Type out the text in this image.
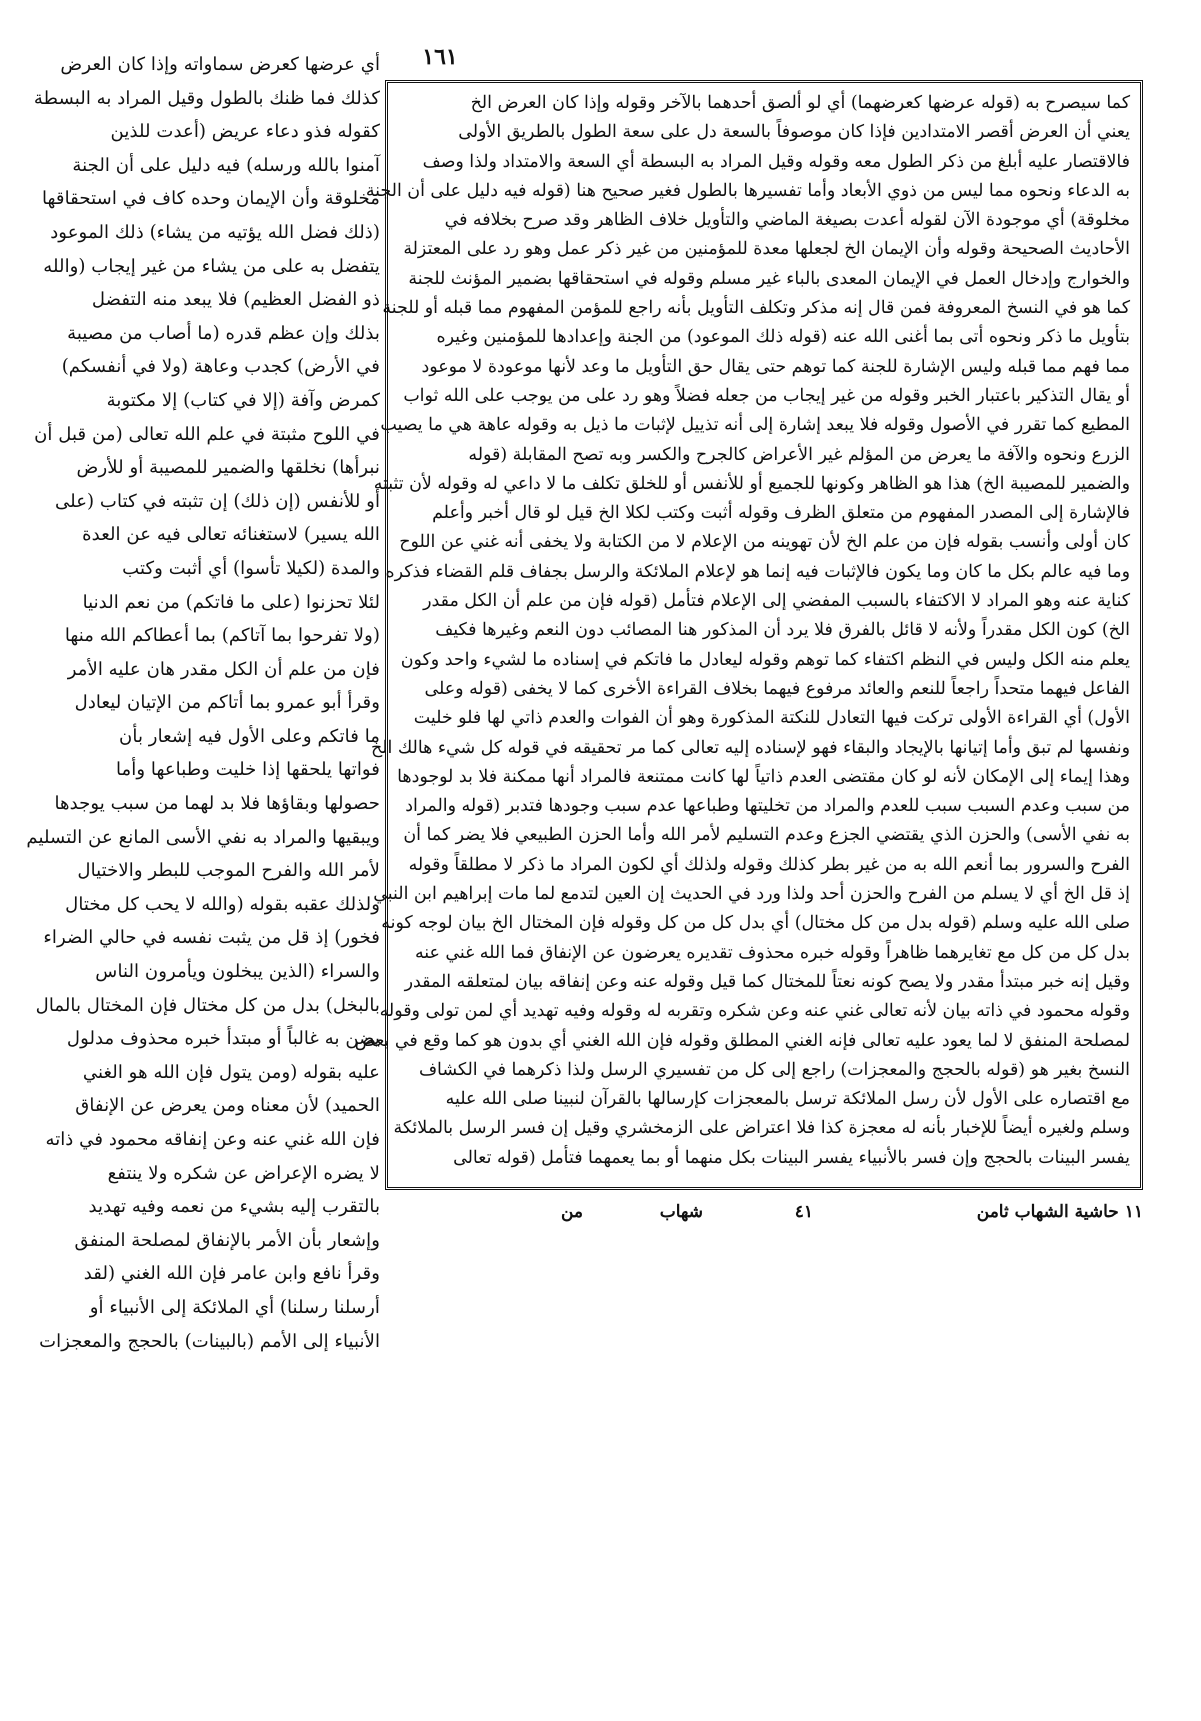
١٦١
أي عرضها كعرض سماواته وإذا كان العرض
كذلك فما ظنك بالطول وقيل المراد به البسطة
كقوله فذو دعاء عريض (أعدت للذين
آمنوا بالله ورسله) فيه دليل على أن الجنة
مخلوقة وأن الإيمان وحده كاف في استحقاقها
(ذلك فضل الله يؤتيه من يشاء) ذلك الموعود
يتفضل به على من يشاء من غير إيجاب (والله
ذو الفضل العظيم) فلا يبعد منه التفضل
بذلك وإن عظم قدره (ما أصاب من مصيبة
في الأرض) كجدب وعاهة (ولا في أنفسكم)
كمرض وآفة (إلا في كتاب) إلا مكتوبة
في اللوح مثبتة في علم الله تعالى (من قبل أن
نبرأها) نخلقها والضمير للمصيبة أو للأرض
أو للأنفس (إن ذلك) إن تثبته في كتاب (على
الله يسير) لاستغنائه تعالى فيه عن العدة
والمدة (لكيلا تأسوا) أي أثبت وكتب
لئلا تحزنوا (على ما فاتكم) من نعم الدنيا
(ولا تفرحوا بما آتاكم) بما أعطاكم الله منها
فإن من علم أن الكل مقدر هان عليه الأمر
وقرأ أبو عمرو بما أتاكم من الإتيان ليعادل
ما فاتكم وعلى الأول فيه إشعار بأن
فواتها يلحقها إذا خليت وطباعها وأما
حصولها وبقاؤها فلا بد لهما من سبب يوجدها
ويبقيها والمراد به نفي الأسى المانع عن التسليم
لأمر الله والفرح الموجب للبطر والاختيال
ولذلك عقبه بقوله (والله لا يحب كل مختال
فخور) إذ قل من يثبت نفسه في حالي الضراء
والسراء (الذين يبخلون ويأمرون الناس
بالبخل) بدل من كل مختال فإن المختال بالمال
يضن به غالباً أو مبتدأ خبره محذوف مدلول
عليه بقوله (ومن يتول فإن الله هو الغني
الحميد) لأن معناه ومن يعرض عن الإنفاق
فإن الله غني عنه وعن إنفاقه محمود في ذاته
لا يضره الإعراض عن شكره ولا ينتفع
بالتقرب إليه بشيء من نعمه وفيه تهديد
وإشعار بأن الأمر بالإنفاق لمصلحة المنفق
وقرأ نافع وابن عامر فإن الله الغني (لقد
أرسلنا رسلنا) أي الملائكة إلى الأنبياء أو
الأنبياء إلى الأمم (بالبينات) بالحجج والمعجزات
كما سيصرح به (قوله عرضها كعرضهما) أي لو ألصق أحدهما بالآخر وقوله وإذا كان العرض الخ
يعني أن العرض أقصر الامتدادين فإذا كان موصوفاً بالسعة دل على سعة الطول بالطريق الأولى
فالاقتصار عليه أبلغ من ذكر الطول معه وقوله وقيل المراد به البسطة أي السعة والامتداد ولذا وصف
به الدعاء ونحوه مما ليس من ذوي الأبعاد وأما تفسيرها بالطول فغير صحيح هنا (قوله فيه دليل على أن الجنة
مخلوقة) أي موجودة الآن لقوله أعدت بصيغة الماضي والتأويل خلاف الظاهر وقد صرح بخلافه في
الأحاديث الصحيحة وقوله وأن الإيمان الخ لجعلها معدة للمؤمنين من غير ذكر عمل وهو رد على المعتزلة
والخوارج وإدخال العمل في الإيمان المعدى بالباء غير مسلم وقوله في استحقاقها بضمير المؤنث للجنة
كما هو في النسخ المعروفة فمن قال إنه مذكر وتكلف التأويل بأنه راجع للمؤمن المفهوم مما قبله أو للجنة
بتأويل ما ذكر ونحوه أتى بما أغنى الله عنه (قوله ذلك الموعود) من الجنة وإعدادها للمؤمنين وغيره
مما فهم مما قبله وليس الإشارة للجنة كما توهم حتى يقال حق التأويل ما وعد لأنها موعودة لا موعود
أو يقال التذكير باعتبار الخبر وقوله من غير إيجاب من جعله فضلاً وهو رد على من يوجب على الله ثواب
المطيع كما تقرر في الأصول وقوله فلا يبعد إشارة إلى أنه تذييل لإثبات ما ذيل به وقوله عاهة هي ما يصيب
الزرع ونحوه والآفة ما يعرض من المؤلم غير الأعراض كالجرح والكسر وبه تصح المقابلة (قوله
والضمير للمصيبة الخ) هذا هو الظاهر وكونها للجميع أو للأنفس أو للخلق تكلف ما لا داعي له وقوله لأن تثبته
فالإشارة إلى المصدر المفهوم من متعلق الظرف وقوله أثبت وكتب لكلا الخ قيل لو قال أخبر وأعلم
كان أولى وأنسب بقوله فإن من علم الخ لأن تهوينه من الإعلام لا من الكتابة ولا يخفى أنه غني عن اللوح
وما فيه عالم بكل ما كان وما يكون فالإثبات فيه إنما هو لإعلام الملائكة والرسل بجفاف قلم القضاء فذكره
كناية عنه وهو المراد لا الاكتفاء بالسبب المفضي إلى الإعلام فتأمل (قوله فإن من علم أن الكل مقدر
الخ) كون الكل مقدراً ولأنه لا قائل بالفرق فلا يرد أن المذكور هنا المصائب دون النعم وغيرها فكيف
يعلم منه الكل وليس في النظم اكتفاء كما توهم وقوله ليعادل ما فاتكم في إسناده ما لشيء واحد وكون
الفاعل فيهما متحداً راجعاً للنعم والعائد مرفوع فيهما بخلاف القراءة الأخرى كما لا يخفى (قوله وعلى
الأول) أي القراءة الأولى تركت فيها التعادل للنكتة المذكورة وهو أن الفوات والعدم ذاتي لها فلو خليت
ونفسها لم تبق وأما إتيانها بالإيجاد والبقاء فهو لإسناده إليه تعالى كما مر تحقيقه في قوله كل شيء هالك الخ
وهذا إيماء إلى الإمكان لأنه لو كان مقتضى العدم ذاتياً لها كانت ممتنعة فالمراد أنها ممكنة فلا بد لوجودها
من سبب وعدم السبب سبب للعدم والمراد من تخليتها وطباعها عدم سبب وجودها فتدبر (قوله والمراد
به نفي الأسى) والحزن الذي يقتضي الجزع وعدم التسليم لأمر الله وأما الحزن الطبيعي فلا يضر كما أن
الفرح والسرور بما أنعم الله به من غير بطر كذلك وقوله ولذلك أي لكون المراد ما ذكر لا مطلقاً وقوله
إذ قل الخ أي لا يسلم من الفرح والحزن أحد ولذا ورد في الحديث إن العين لتدمع لما مات إبراهيم ابن النبي
صلى الله عليه وسلم (قوله بدل من كل مختال) أي بدل كل من كل وقوله فإن المختال الخ بيان لوجه كونه
بدل كل من كل مع تغايرهما ظاهراً وقوله خبره محذوف تقديره يعرضون عن الإنفاق فما الله غني عنه
وقيل إنه خبر مبتدأ مقدر ولا يصح كونه نعتاً للمختال كما قيل وقوله عنه وعن إنفاقه بيان لمتعلقه المقدر
وقوله محمود في ذاته بيان لأنه تعالى غني عنه وعن شكره وتقربه له وقوله وفيه تهديد أي لمن تولى وقوله
لمصلحة المنفق لا لما يعود عليه تعالى فإنه الغني المطلق وقوله فإن الله الغني أي بدون هو كما وقع في بعض
النسخ بغير هو (قوله بالحجج والمعجزات) راجع إلى كل من تفسيري الرسل ولذا ذكرهما في الكشاف
مع اقتصاره على الأول لأن رسل الملائكة ترسل بالمعجزات كإرسالها بالقرآن لنبينا صلى الله عليه
وسلم ولغيره أيضاً للإخبار بأنه له معجزة كذا فلا اعتراض على الزمخشري وقيل إن فسر الرسل بالملائكة
يفسر البينات بالحجج وإن فسر بالأنبياء يفسر البينات بكل منهما أو بما يعمهما فتأمل (قوله تعالى
١١ حاشية الشهاب ثامن
٤١
شهاب
من
